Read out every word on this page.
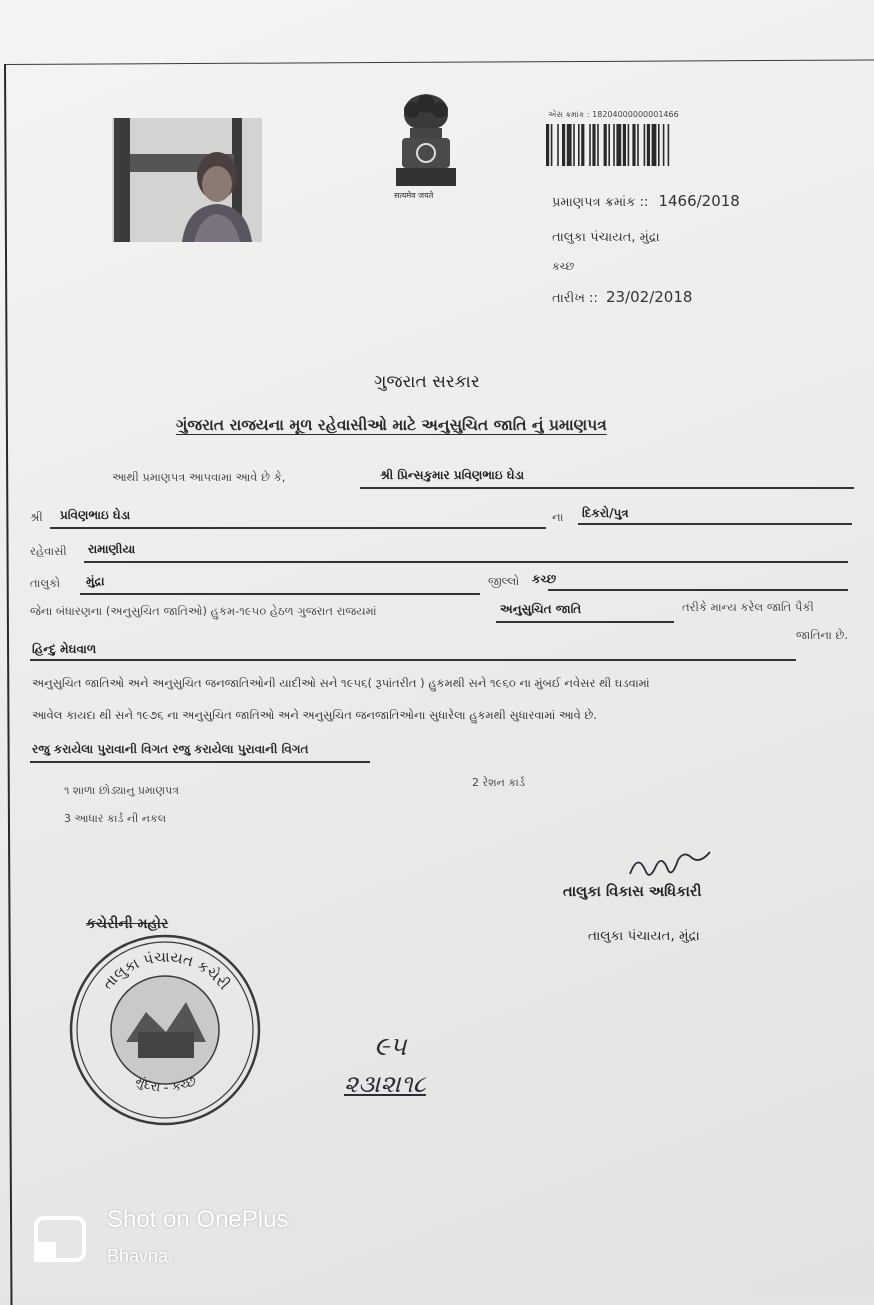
सत्यमेव जयते
એસ ક્રમાંક : 18204000000001466
પ્રમાણપત્ર ક્રમાંક :: 1466/2018
તાલુકા પંચાયત, મુંદ્રા
કચ્છ
તારીખ :: 23/02/2018
ગુજરાત સરકાર
ગુંજરાત રાજયના મૂળ રહેવાસીઓ માટે અનુસુચિત જાતિ નું પ્રમાણપત્ર
આથી પ્રમાણપત્ર આપવામા આવે છે કે,	શ્રી પ્રિન્સકુમાર પ્રવિણભાઇ ઘેડા
શ્રી પ્રવિણભાઇ ઘેડા	ના દિકરો/પુત્ર
રહેવાસી રામાણીયા
તાલુકો મુંદ્રા	જીલ્લો કચ્છ
જેના બંધારણના (અનુસુચિત જાતિઓ) હુકમ-૧૯૫૦ હેઠળ ગુજરાત રાજયમાં	અનુસુચિત જાતિ	તરીકે માન્ય કરેલ જાતિ પૈકી
જાતિના છે.
હિન્દુ મેઘવાળ
અનુસુચિત જાતિઓ અને અનુસુચિત જનજાતિઓની યાદીઓ સને ૧૯૫૬( રૂપાંતરીત ) હુકમથી સને ૧૯૬૦ ના મુંબઈ નવેસર થી ઘડવામાં
આવેલ કાયદા થી સને ૧૯૭૬ ના અનુસુચિત જાતિઓ અને અનુસુચિત જનજાતિઓના સુધારેલા હુકમથી સુધારવામાં આવે છે.
રજુ કરાયેલા પુરાવાની વિગત રજુ કરાયેલા પુરાવાની વિગત
૧ શાળા છોડ્યાનુ પ્રમાણપત્ર
2 રેશન કાર્ડ
3 આધાર કાર્ડ ની નકલ
તાલુકા વિકાસ અધિકારી
તાલુકા પંચાયત, મુંદ્રા
કચેરીની મહોર
તાલુકા પંચાયત કચેરી
મુંદરા - કચ્છ
૯૫
૨૩।૨।૧૮
Shot on OnePlus
Bhavna
